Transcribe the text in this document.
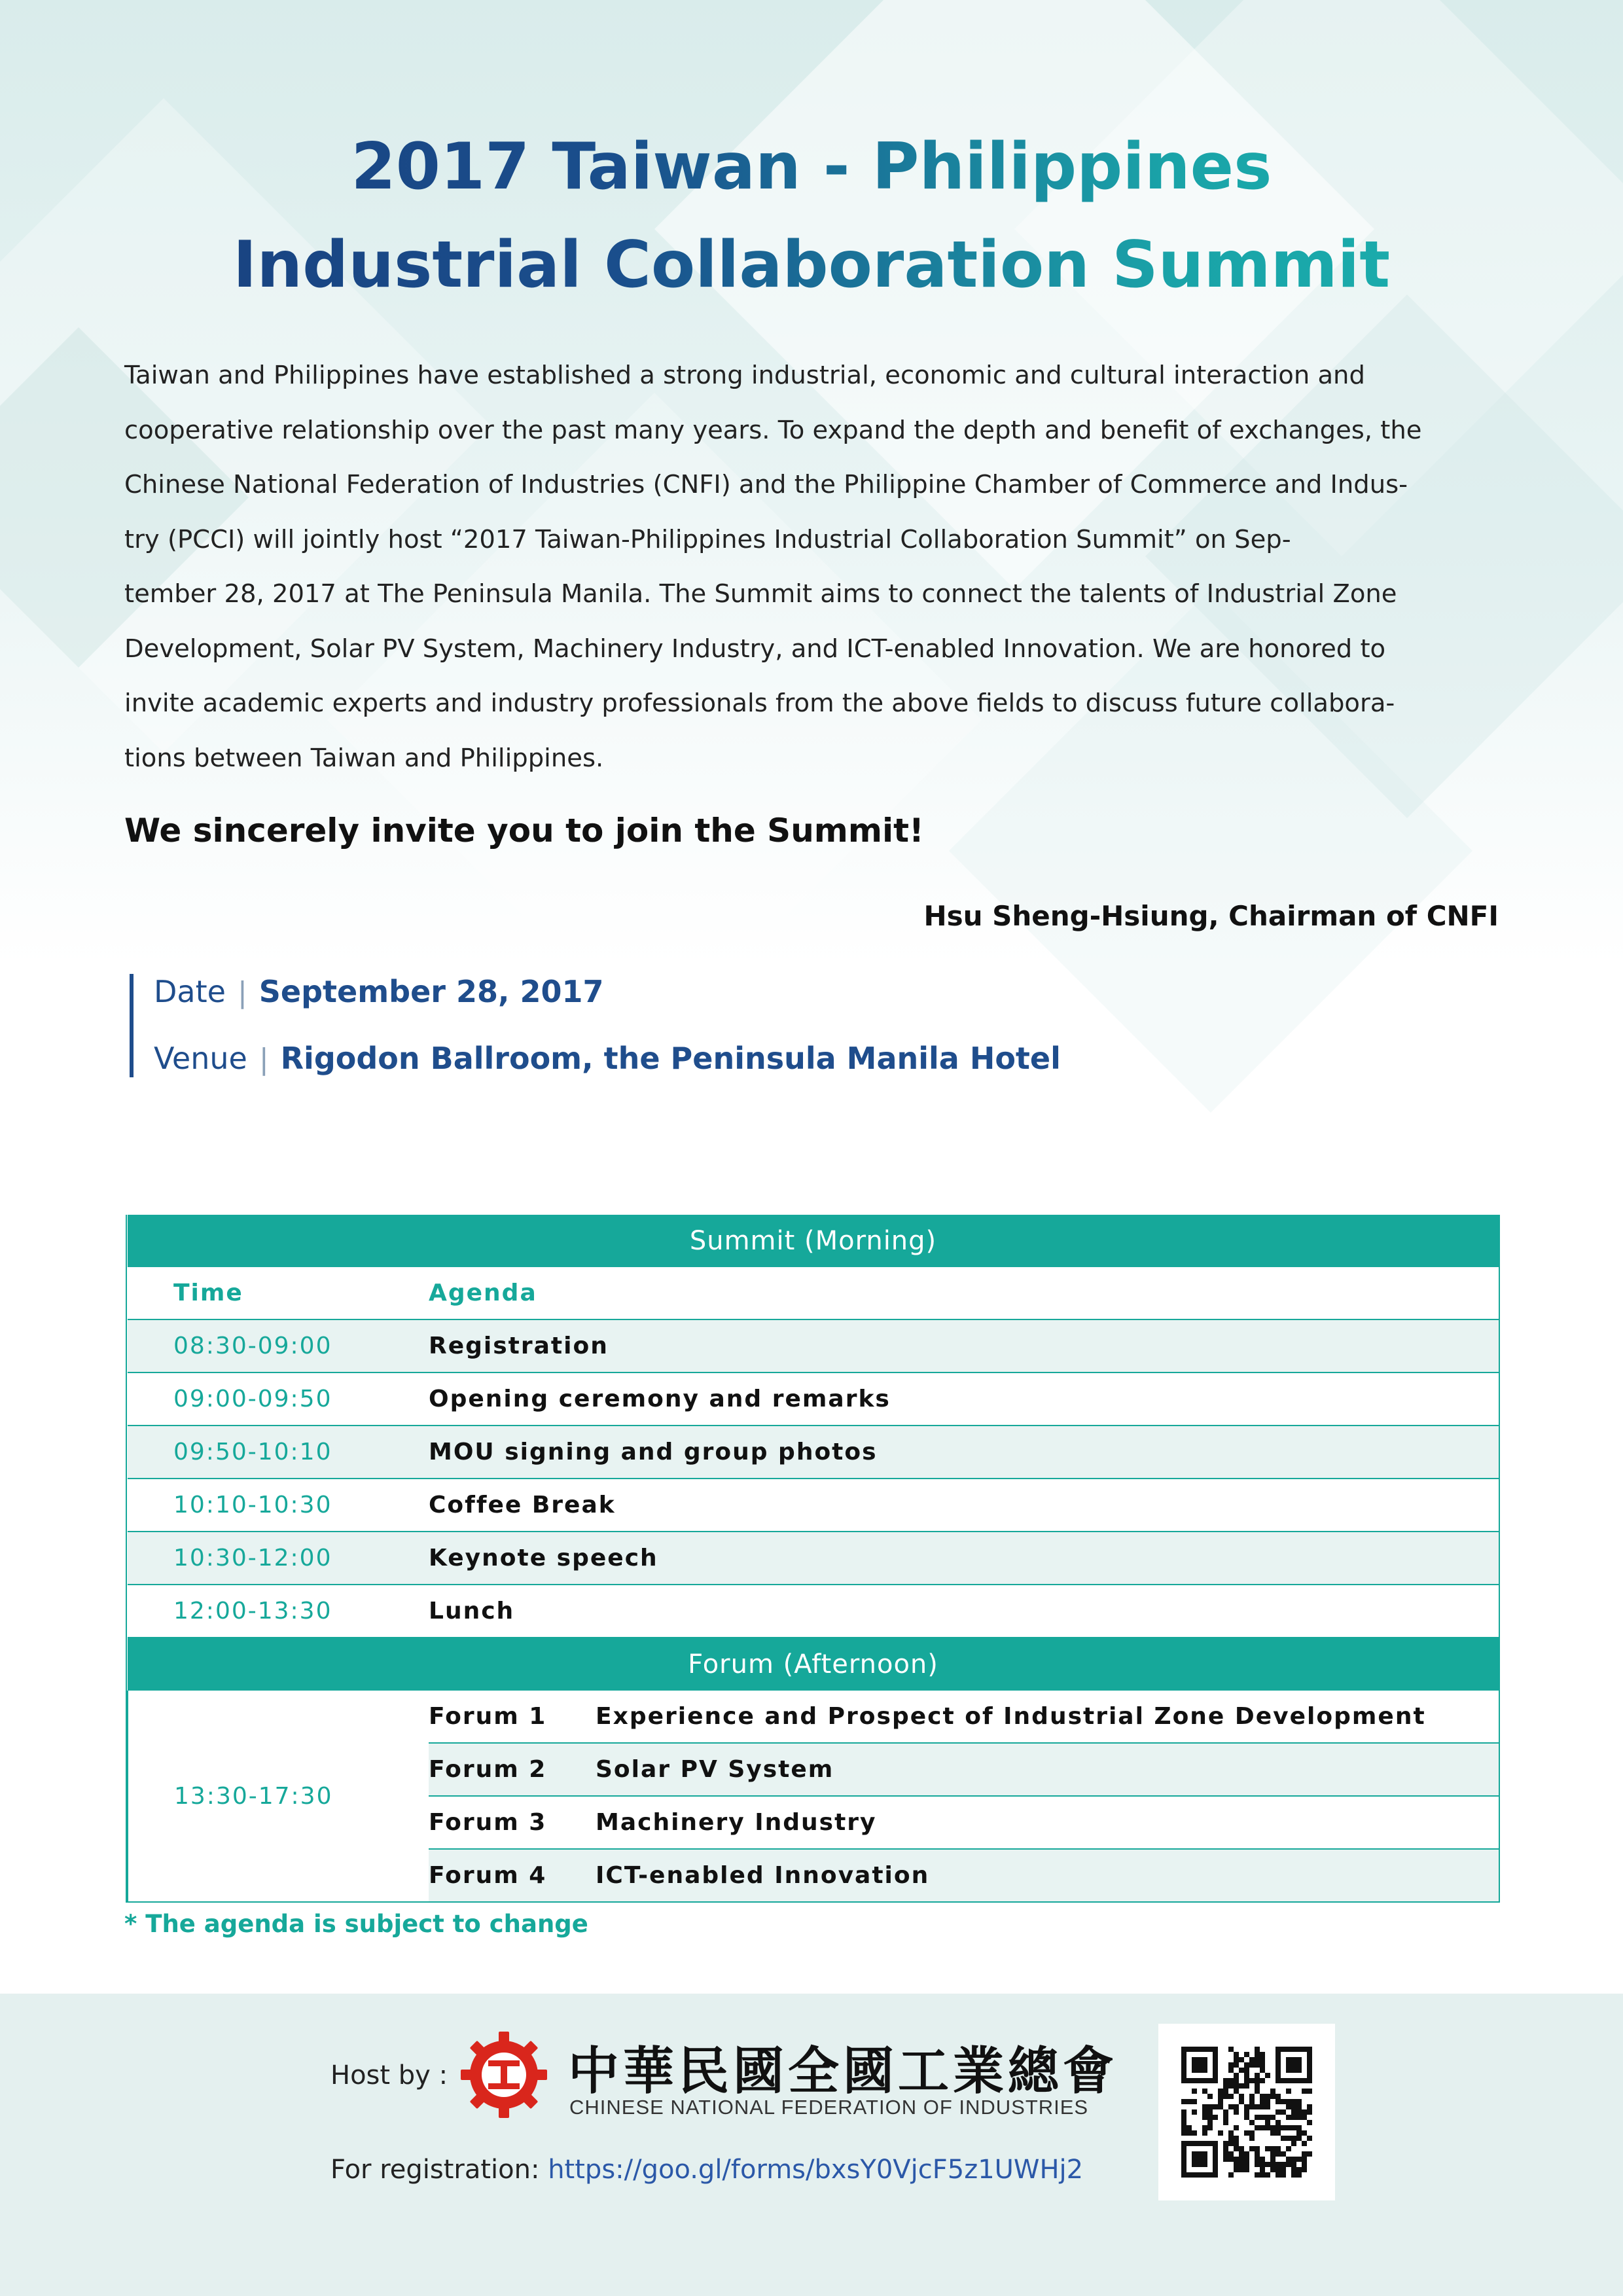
2017 Taiwan - Philippines
Industrial Collaboration Summit
Taiwan and Philippines have established a strong industrial, economic and cultural interaction and
cooperative relationship over the past many years. To expand the depth and benefit of exchanges, the
Chinese National Federation of Industries (CNFI) and the Philippine Chamber of Commerce and Indus-
try (PCCI) will jointly host “2017 Taiwan-Philippines Industrial Collaboration Summit” on Sep-
tember 28, 2017 at The Peninsula Manila. The Summit aims to connect the talents of Industrial Zone
Development, Solar PV System, Machinery Industry, and ICT-enabled Innovation. We are honored to
invite academic experts and industry professionals from the above fields to discuss future collabora-
tions between Taiwan and Philippines.
We sincerely invite you to join the Summit!
Hsu Sheng-Hsiung, Chairman of CNFI
Date | September 28, 2017
Venue | Rigodon Ballroom, the Peninsula Manila Hotel
Summit (Morning)		
Time	Agenda	
08:30-09:00	Registration	
09:00-09:50	Opening ceremony and remarks	
09:50-10:10	MOU signing and group photos	
10:10-10:30	Coffee Break	
10:30-12:00	Keynote speech	
12:00-13:30	Lunch	
Forum (Afternoon)		
13:30-17:30	Forum 1	Experience and Prospect of Industrial Zone Development
	Forum 2	Solar PV System
	Forum 3	Machinery Industry
	Forum 4	ICT-enabled Innovation
* The agenda is subject to change
Host by : 中華民國全國工業總會
CHINESE NATIONAL FEDERATION OF INDUSTRIES
For registration: https://goo.gl/forms/bxsY0VjcF5z1UWHj2
